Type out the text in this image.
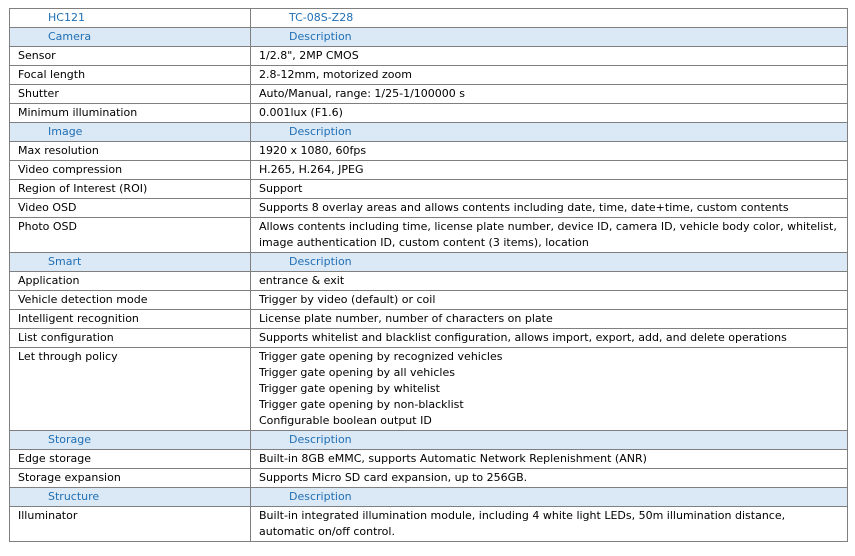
HC121	TC-08S-Z28
Camera	Description
Sensor	1/2.8", 2MP CMOS
Focal length	2.8-12mm, motorized zoom
Shutter	Auto/Manual, range: 1/25-1/100000 s
Minimum illumination	0.001lux (F1.6)
Image	Description
Max resolution	1920 x 1080, 60fps
Video compression	H.265, H.264, JPEG
Region of Interest (ROI)	Support
Video OSD	Supports 8 overlay areas and allows contents including date, time, date+time, custom contents
Photo OSD	Allows contents including time, license plate number, device ID, camera ID, vehicle body color, whitelist, image authentication ID, custom content (3 items), location
Smart	Description
Application	entrance & exit
Vehicle detection mode	Trigger by video (default) or coil
Intelligent recognition	License plate number, number of characters on plate
List configuration	Supports whitelist and blacklist configuration, allows import, export, add, and delete operations
Let through policy	Trigger gate opening by recognized vehicles
Trigger gate opening by all vehicles
Trigger gate opening by whitelist
Trigger gate opening by non-blacklist
Configurable boolean output ID

Storage	Description
Edge storage	Built-in 8GB eMMC, supports Automatic Network Replenishment (ANR)
Storage expansion	Supports Micro SD card expansion, up to 256GB.
Structure	Description
Illuminator	Built-in integrated illumination module, including 4 white light LEDs, 50m illumination distance, automatic on/off control.
